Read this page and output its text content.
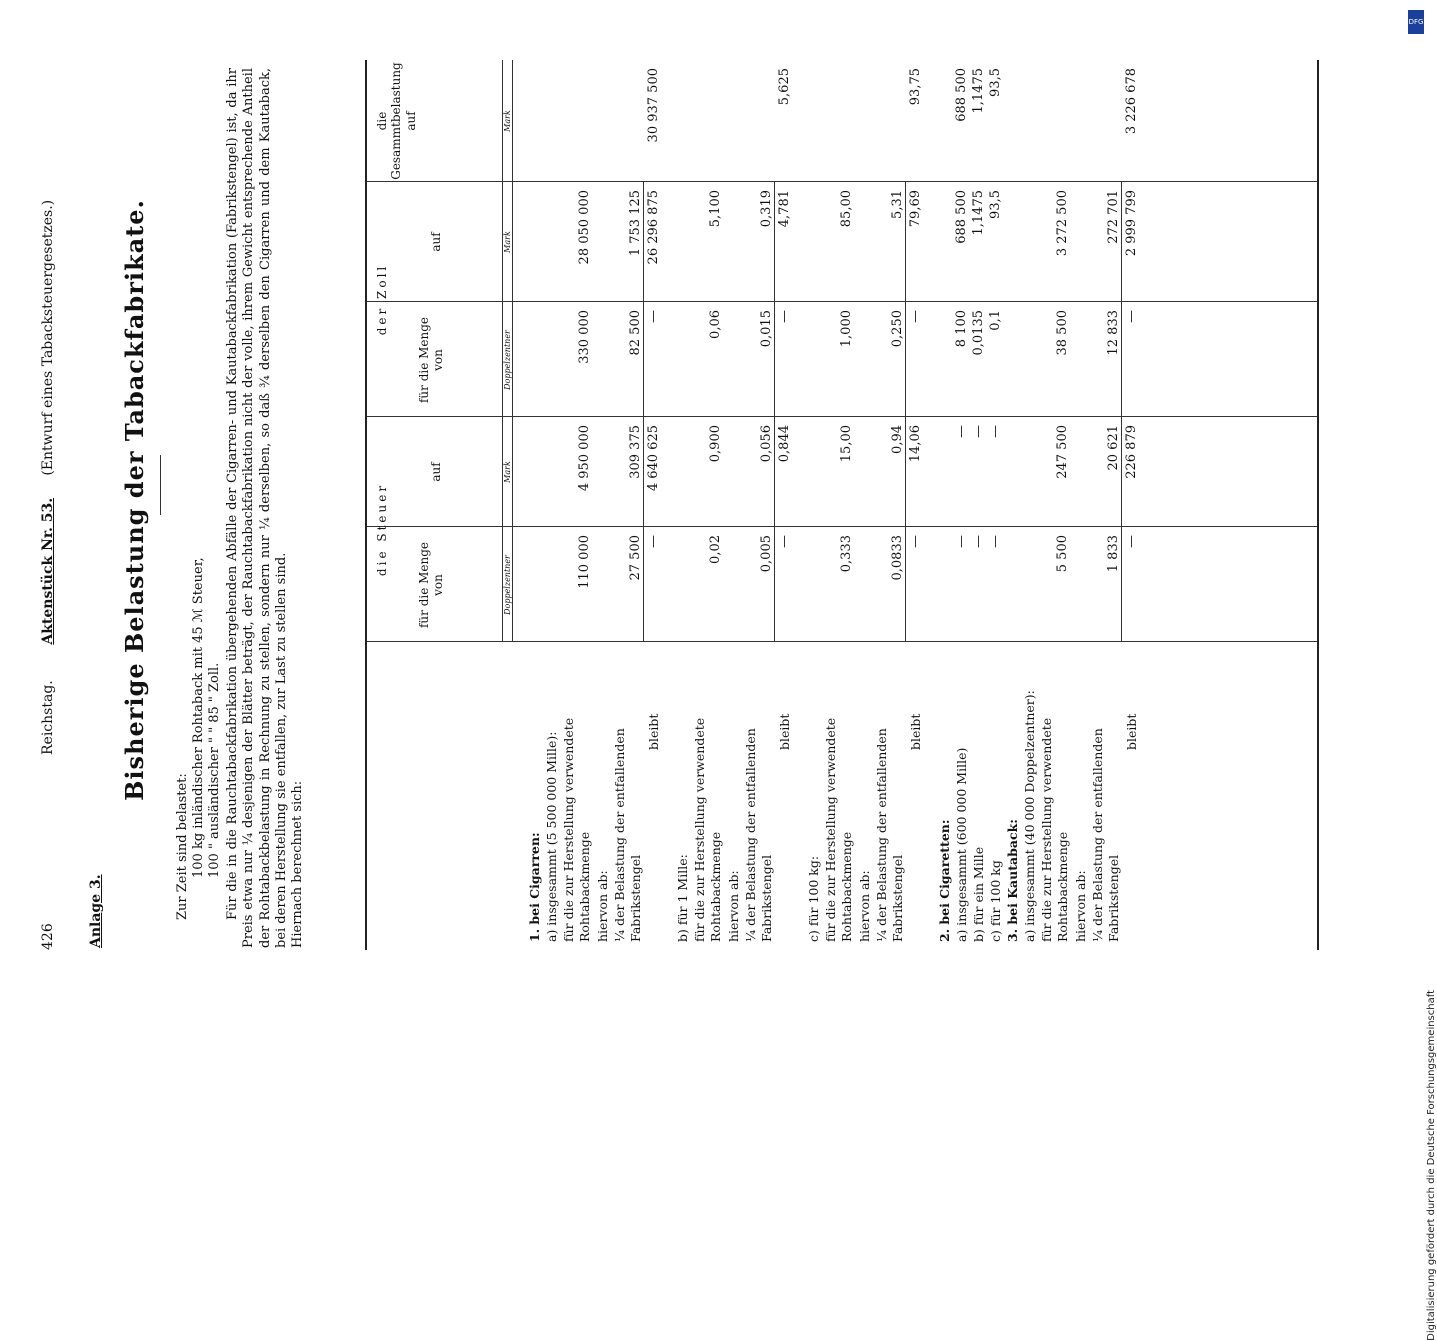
426
Reichstag.        Aktenstück Nr. 53.     (Entwurf eines Tabacksteuergesetzes.)
Anlage 3.
Bisherige Belastung der Tabackfabrikate.
Zur Zeit sind belastet: 100 kg inländischer Rohtaback mit 45 ℳ Steuer, 100 " ausländischer " " 85 " Zoll. Für die in die Rauchtabackfabrikation übergehenden Abfälle der Cigarren- und Kautabackfabrikation (Fabrikstengel) ist, da ihr Preis etwa nur ¼ desjenigen der Blätter beträgt, der Rauchtabackfabrikation nicht der volle, ihrem Gewicht entsprechende Antheil der Rohtabackbelastung in Rechnung zu stellen, sondern nur ¼ derselben, so daß ¾ derselben den Cigarren und dem Kautaback, bei deren Herstellung sie entfallen, zur Last zu stellen sind. Hiernach berechnet sich:
die Steuer
der Zoll
die Gesammtbelastung auf
für die Menge von
auf
für die Menge von
auf
Doppelzentner
Mark
Doppelzentner
Mark
Mark
1. bei Cigarren: a) insgesammt (5 500 000 Mille): für die zur Herstellung verwendete Rohtabackmenge
110 000
4 950 000
330 000
28 050 000
hiervon ab: ¼ der Belastung der entfallenden Fabrikstengel
27 500
309 375
82 500
1 753 125
bleibt
—
4 640 625
—
26 296 875
30 937 500
b) für 1 Mille: für die zur Herstellung verwendete Rohtabackmenge
0,02
0,900
0,06
5,100
hiervon ab: ¼ der Belastung der entfallenden Fabrikstengel
0,005
0,056
0,015
0,319
bleibt
—
0,844
—
4,781
5,625
c) für 100 kg: für die zur Herstellung verwendete Rohtabackmenge
0,333
15,00
1,000
85,00
hiervon ab: ¼ der Belastung der entfallenden Fabrikstengel
0,0833
0,94
0,250
5,31
bleibt
—
14,06
—
79,69
93,75
2. bei Cigaretten: a) insgesammt (600 000 Mille)
—
—
8 100
688 500
688 500
b) für ein Mille
—
—
0,0135
1,1475
1,1475
c) für 100 kg
—
—
0,1
93,5
93,5
3. bei Kautaback: a) insgesammt (40 000 Doppelzentner): für die zur Herstellung verwendete Rohtabackmenge
5 500
247 500
38 500
3 272 500
hiervon ab: ¼ der Belastung der entfallenden Fabrikstengel
1 833
20 621
12 833
272 701
bleibt
—
226 879
—
2 999 799
3 226 678
DFG
Digitalisierung gefördert durch die Deutsche Forschungsgemeinschaft
